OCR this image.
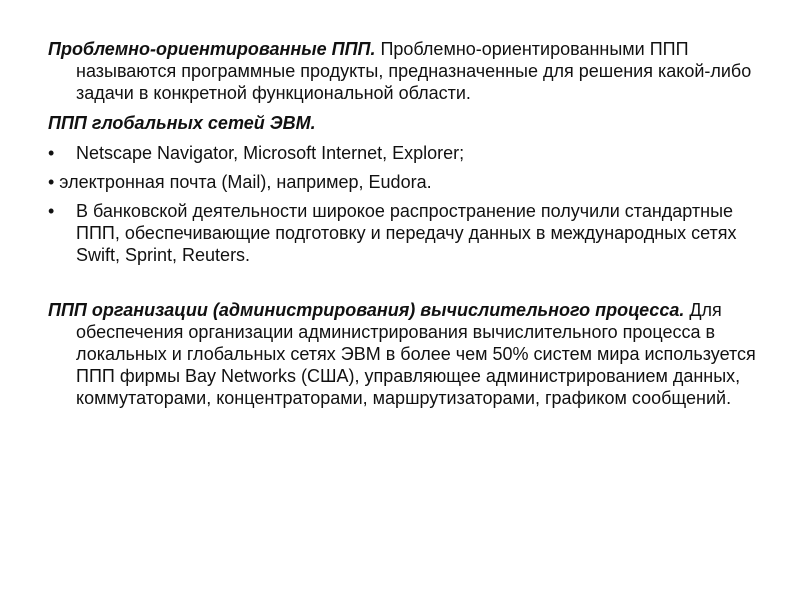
Проблемно-ориентированные ППП. Проблемно-ориентированными ППП называются программные продукты, предназначенные для решения какой-либо задачи в конкретной функциональной области.

ППП глобальных сетей ЭВМ.

• Netscape Navigator, Microsoft Internet, Explorer;
• электронная почта (Mail), например, Eudora.
• В банковской деятельности широкое распространение получили стандартные ППП, обеспечивающие подготовку и передачу данных в международных сетях Swift, Sprint, Reuters.

ППП организации (администрирования) вычислительного процесса. Для обеспечения организации администрирования вычислительного процесса в локальных и глобальных сетях ЭВМ в более чем 50% систем мира используется ППП фирмы Bay Networks (США), управляющее администрированием данных, коммутаторами, концентраторами, маршрутизаторами, графиком сообщений.
